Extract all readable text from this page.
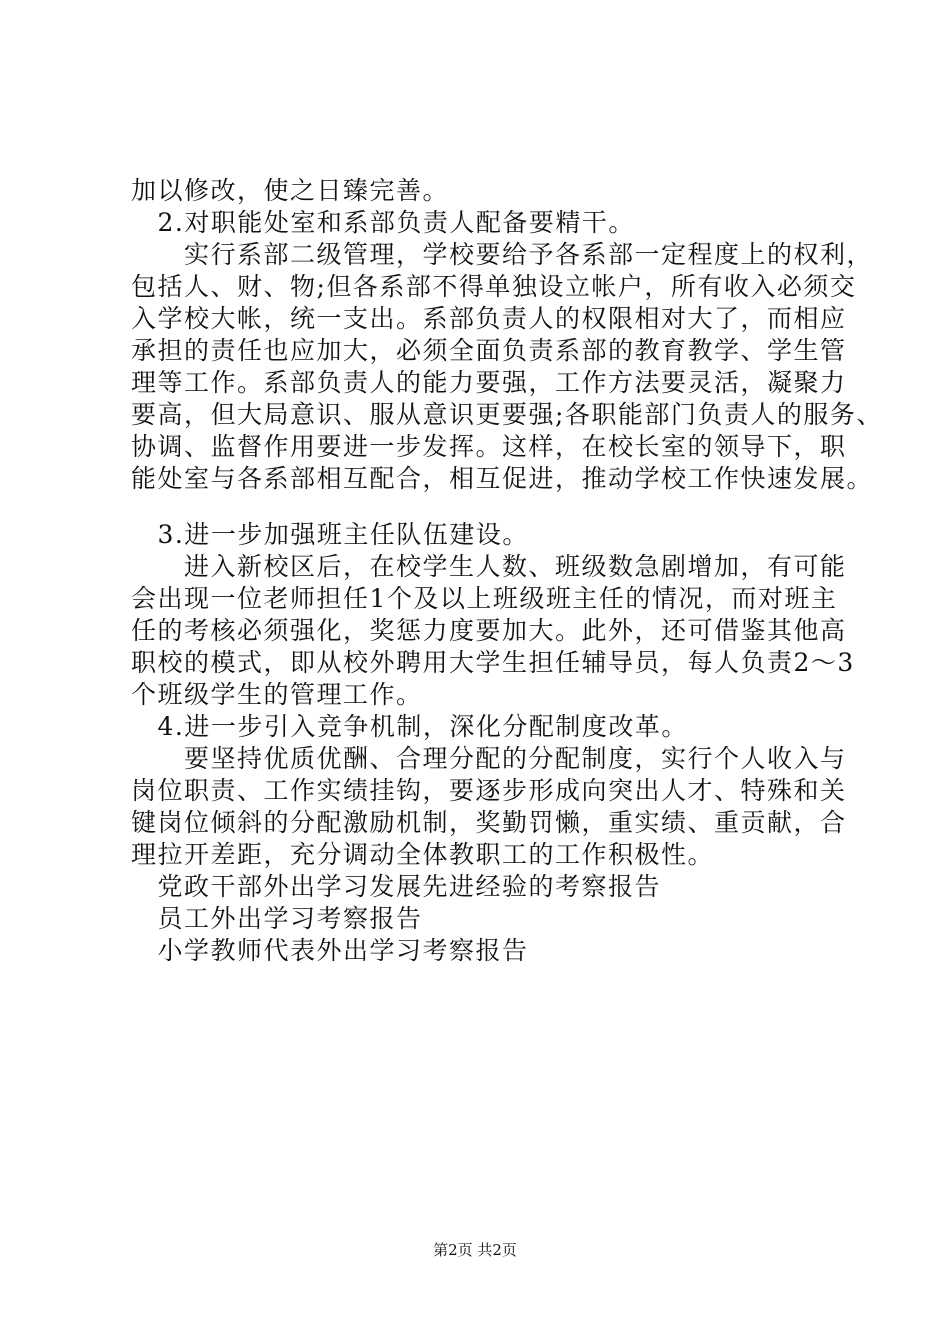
加以修改，使之日臻完善。
　2.对职能处室和系部负责人配备要精干。
　　实行系部二级管理，学校要给予各系部一定程度上的权利，
包括人、财、物;但各系部不得单独设立帐户，所有收入必须交
入学校大帐，统一支出。系部负责人的权限相对大了，而相应
承担的责任也应加大，必须全面负责系部的教育教学、学生管
理等工作。系部负责人的能力要强，工作方法要灵活，凝聚力
要高，但大局意识、服从意识更要强;各职能部门负责人的服务、
协调、监督作用要进一步发挥。这样，在校长室的领导下，职
能处室与各系部相互配合，相互促进，推动学校工作快速发展。
　3.进一步加强班主任队伍建设。
　　进入新校区后，在校学生人数、班级数急剧增加，有可能
会出现一位老师担任1个及以上班级班主任的情况，而对班主
任的考核必须强化，奖惩力度要加大。此外，还可借鉴其他高
职校的模式，即从校外聘用大学生担任辅导员，每人负责2～3
个班级学生的管理工作。
　4.进一步引入竞争机制，深化分配制度改革。
　　要坚持优质优酬、合理分配的分配制度，实行个人收入与
岗位职责、工作实绩挂钩，要逐步形成向突出人才、特殊和关
键岗位倾斜的分配激励机制，奖勤罚懒，重实绩、重贡献，合
理拉开差距，充分调动全体教职工的工作积极性。
　党政干部外出学习发展先进经验的考察报告
　员工外出学习考察报告
　小学教师代表外出学习考察报告
第2页 共2页
